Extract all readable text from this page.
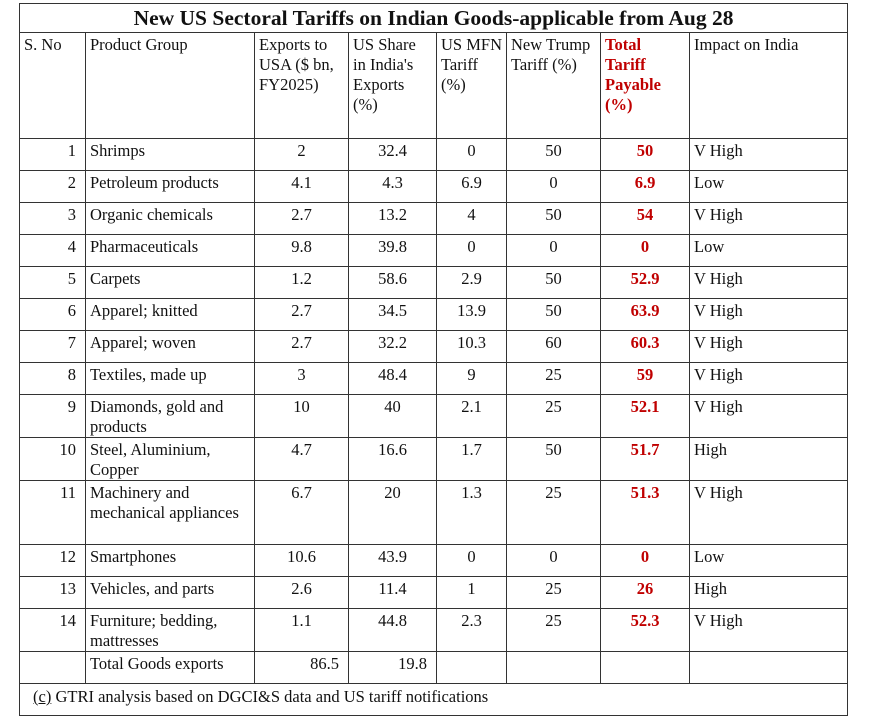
New US Sectoral Tariffs on Indian Goods-applicable from Aug 28							
S. No	Product Group	Exports to USA ($ bn, FY2025)	US Share in India's Exports (%)	US MFN Tariff (%)	New Trump Tariff (%)	Total Tariff Payable (%)	Impact on India
1	Shrimps	2	32.4	0	50	50	V High
2	Petroleum products	4.1	4.3	6.9	0	6.9	Low
3	Organic chemicals	2.7	13.2	4	50	54	V High
4	Pharmaceuticals	9.8	39.8	0	0	0	Low
5	Carpets	1.2	58.6	2.9	50	52.9	V High
6	Apparel; knitted	2.7	34.5	13.9	50	63.9	V High
7	Apparel; woven	2.7	32.2	10.3	60	60.3	V High
8	Textiles, made up	3	48.4	9	25	59	V High
9	Diamonds, gold and products	10	40	2.1	25	52.1	V High
10	Steel, Aluminium, Copper	4.7	16.6	1.7	50	51.7	High
11	Machinery and mechanical appliances	6.7	20	1.3	25	51.3	V High
12	Smartphones	10.6	43.9	0	0	0	Low
13	Vehicles, and parts	2.6	11.4	1	25	26	High
14	Furniture; bedding, mattresses	1.1	44.8	2.3	25	52.3	V High
	Total Goods exports	86.5	19.8				
(c) GTRI analysis based on DGCI&S data and US tariff notifications							
